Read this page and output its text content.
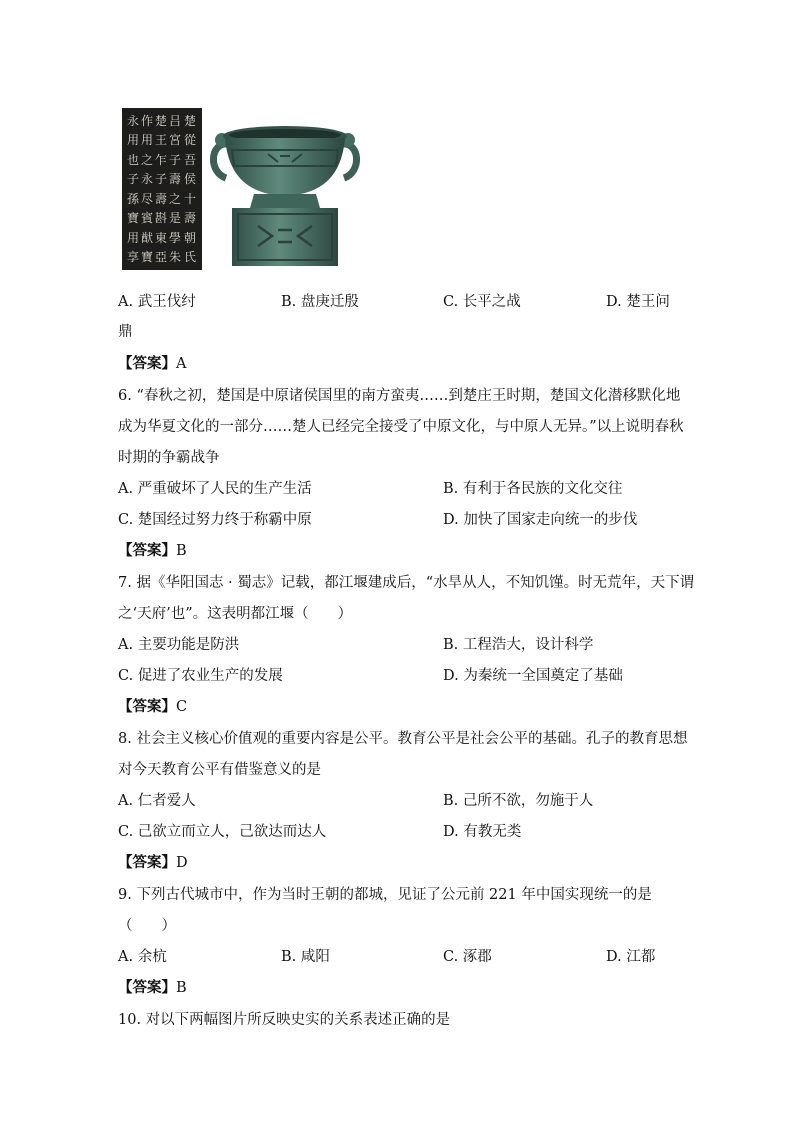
楚
從
吾
侯
十
壽
朝
氏
吕
宮
子
壽
之
是
學
朱
楚
王
乍
子
壽
斟
東
亞
作
用
之
永
尽
賓
猷
寶
永
用
也
子
孫
寶
用
享
A. 武王伐纣	B. 盘庚迁殷	C. 长平之战	D. 楚王问
鼎
【答案】A
6. “春秋之初，楚国是中原诸侯国里的南方蛮夷……到楚庄王时期，楚国文化潜移默化地
成为华夏文化的一部分……楚人已经完全接受了中原文化，与中原人无异。”以上说明春秋
时期的争霸战争
A. 严重破坏了人民的生产生活	B. 有利于各民族的文化交往
C. 楚国经过努力终于称霸中原	D. 加快了国家走向统一的步伐
【答案】B
7. 据《华阳国志 · 蜀志》记载，都江堰建成后，“水旱从人，不知饥馑。时无荒年，天下谓
之‘天府’也”。这表明都江堰（　　）
A. 主要功能是防洪	B. 工程浩大，设计科学
C. 促进了农业生产的发展	D. 为秦统一全国奠定了基础
【答案】C
8. 社会主义核心价值观的重要内容是公平。教育公平是社会公平的基础。孔子的教育思想
对今天教育公平有借鉴意义的是
A. 仁者爱人	B. 己所不欲，勿施于人
C. 己欲立而立人，己欲达而达人	D. 有教无类
【答案】D
9. 下列古代城市中，作为当时王朝的都城，见证了公元前 221 年中国实现统一的是
（　　）
A. 余杭	B. 咸阳	C. 涿郡	D. 江都
【答案】B
10. 对以下两幅图片所反映史实的关系表述正确的是
